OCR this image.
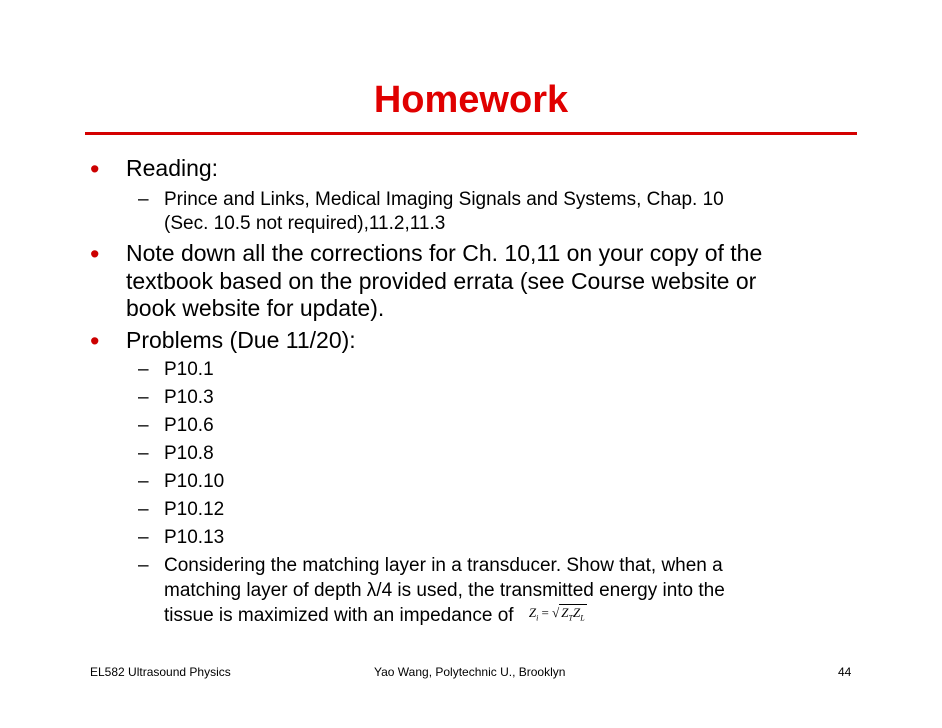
Homework
• Reading:
– Prince and Links, Medical Imaging Signals and Systems, Chap. 10
(Sec. 10.5 not required),11.2,11.3
• Note down all the corrections for Ch. 10,11 on your copy of the
textbook based on the provided errata (see Course website or
book website for update).
• Problems (Due 11/20):
– P10.1
– P10.3
– P10.6
– P10.8
– P10.10
– P10.12
– P10.13
– Considering the matching layer in a transducer. Show that, when a
matching layer of depth λ/4 is used, the transmitted energy into the
tissue is maximized with an impedance of $^{Z_i = √ Z_TZ_L}$
EL582 Ultrasound Physics	Yao Wang, Polytechnic U., Brooklyn	44
